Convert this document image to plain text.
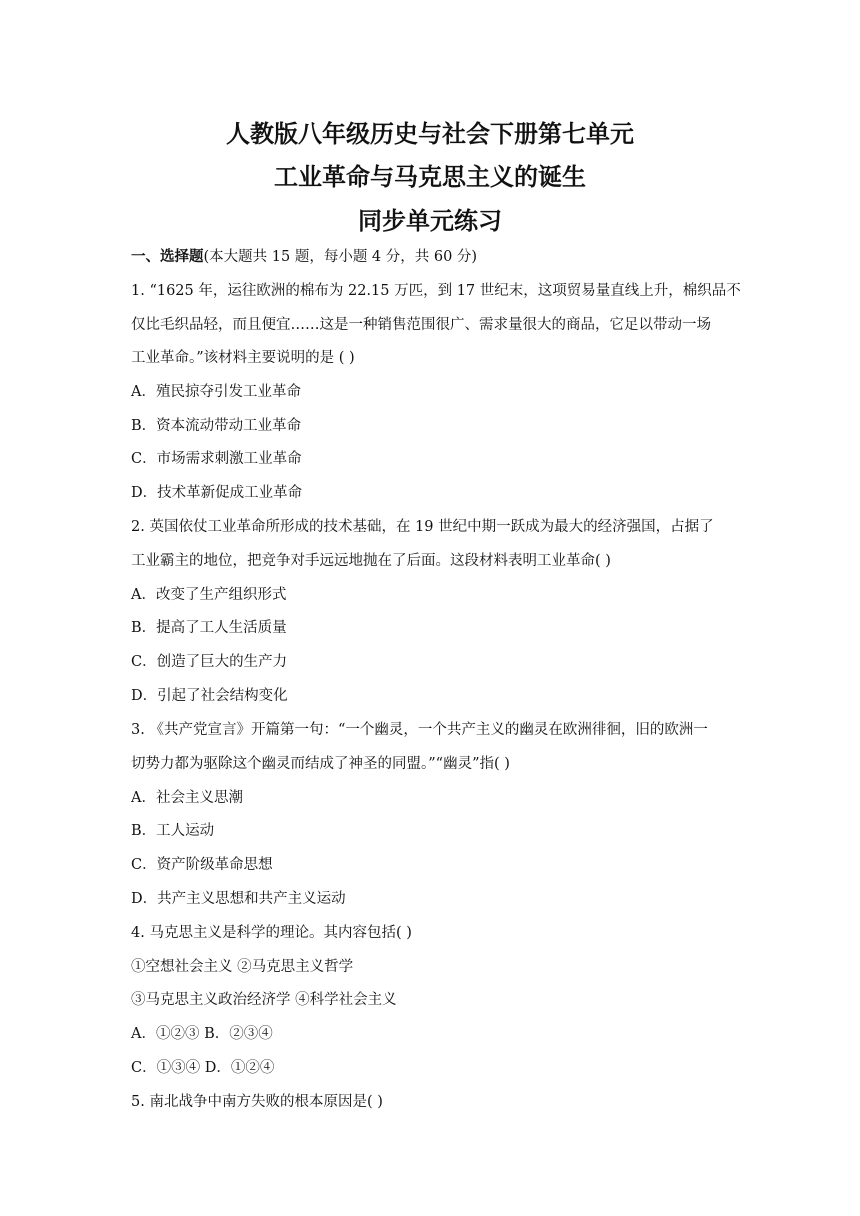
人教版八年级历史与社会下册第七单元
工业革命与马克思主义的诞生
同步单元练习
一、选择题(本大题共 15 题，每小题 4 分，共 60 分)
1. “1625 年，运往欧洲的棉布为 22.15 万匹，到 17 世纪末，这项贸易量直线上升，棉织品不
仅比毛织品轻，而且便宜……这是一种销售范围很广、需求量很大的商品，它足以带动一场
工业革命。”该材料主要说明的是 ( )
A．殖民掠夺引发工业革命
B．资本流动带动工业革命
C．市场需求刺激工业革命
D．技术革新促成工业革命
2. 英国依仗工业革命所形成的技术基础，在 19 世纪中期一跃成为最大的经济强国，占据了
工业霸主的地位，把竞争对手远远地抛在了后面。这段材料表明工业革命( )
A．改变了生产组织形式
B．提高了工人生活质量
C．创造了巨大的生产力
D．引起了社会结构变化
3. 《共产党宣言》开篇第一句：“一个幽灵，一个共产主义的幽灵在欧洲徘徊，旧的欧洲一
切势力都为驱除这个幽灵而结成了神圣的同盟。”“幽灵”指( )
A．社会主义思潮
B．工人运动
C．资产阶级革命思想
D．共产主义思想和共产主义运动
4. 马克思主义是科学的理论。其内容包括( )
①空想社会主义 ②马克思主义哲学
③马克思主义政治经济学 ④科学社会主义
A．①②③ B．②③④
C．①③④ D．①②④
5. 南北战争中南方失败的根本原因是( )
